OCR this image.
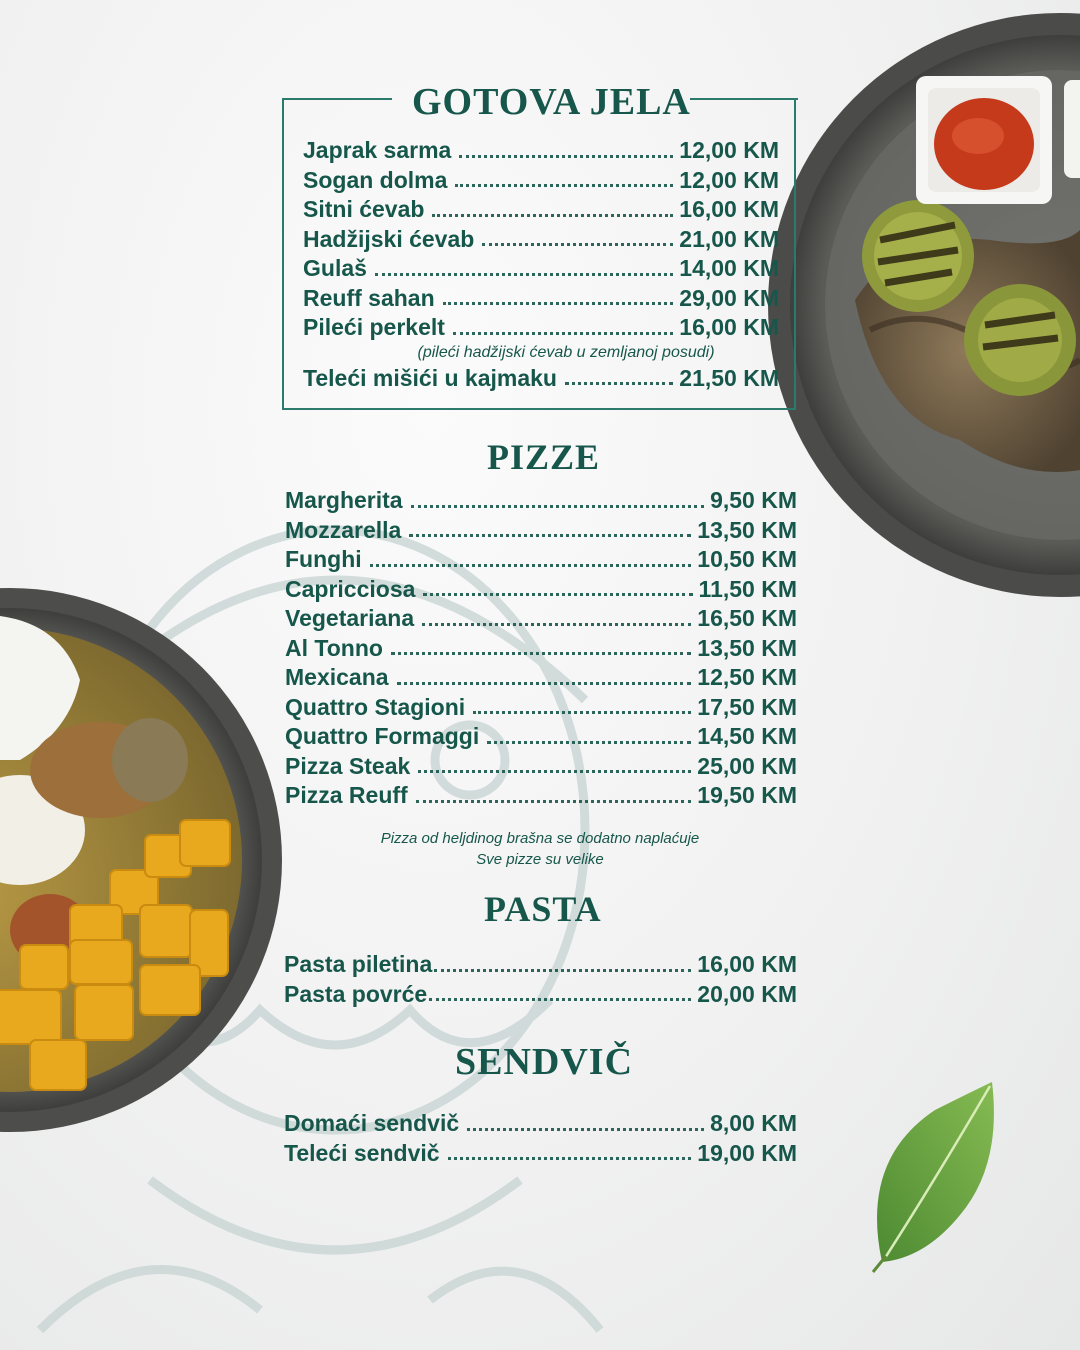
GOTOVA JELA
Japrak sarma	12,00 KM
Sogan dolma	12,00 KM
Sitni ćevab	16,00 KM
Hadžijski ćevab	21,00 KM
Gulaš	14,00 KM
Reuff sahan	29,00 KM
Pileći perkelt	16,00 KM
(pileći hadžijski ćevab u zemljanoj posudi)
Teleći mišići u kajmaku	21,50 KM
PIZZE
Margherita	9,50 KM
Mozzarella	13,50 KM
Funghi	10,50 KM
Capricciosa	11,50 KM
Vegetariana	16,50 KM
Al Tonno	13,50 KM
Mexicana	12,50 KM
Quattro Stagioni	17,50 KM
Quattro Formaggi	14,50 KM
Pizza Steak	25,00 KM
Pizza Reuff	19,50 KM
Pizza od heljdinog brašna se dodatno naplaćuje
Sve pizze su velike
PASTA
Pasta piletina	16,00 KM
Pasta povrće	20,00 KM
SENDVIČ
Domaći sendvič	8,00 KM
Teleći sendvič	19,00 KM
